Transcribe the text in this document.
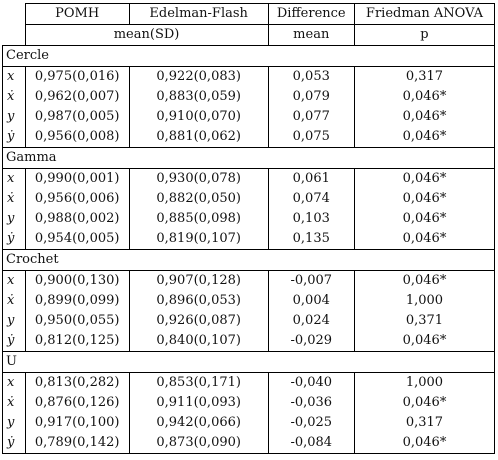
	POMH	Edelman-Flash	Difference	Friedman ANOVA
	mean(SD)		mean	p
Cercle				
x	0,975(0,016)	0,922(0,083)	0,053	0,317
ẋ	0,962(0,007)	0,883(0,059)	0,079	0,046*
y	0,987(0,005)	0,910(0,070)	0,077	0,046*
ẏ	0,956(0,008)	0,881(0,062)	0,075	0,046*
Gamma				
x	0,990(0,001)	0,930(0,078)	0,061	0,046*
ẋ	0,956(0,006)	0,882(0,050)	0,074	0,046*
y	0,988(0,002)	0,885(0,098)	0,103	0,046*
ẏ	0,954(0,005)	0,819(0,107)	0,135	0,046*
Crochet				
x	0,900(0,130)	0,907(0,128)	-0,007	0,046*
ẋ	0,899(0,099)	0,896(0,053)	0,004	1,000
y	0,950(0,055)	0,926(0,087)	0,024	0,371
ẏ	0,812(0,125)	0,840(0,107)	-0,029	0,046*
U				
x	0,813(0,282)	0,853(0,171)	-0,040	1,000
ẋ	0,876(0,126)	0,911(0,093)	-0,036	0,046*
y	0,917(0,100)	0,942(0,066)	-0,025	0,317
ẏ	0,789(0,142)	0,873(0,090)	-0,084	0,046*
